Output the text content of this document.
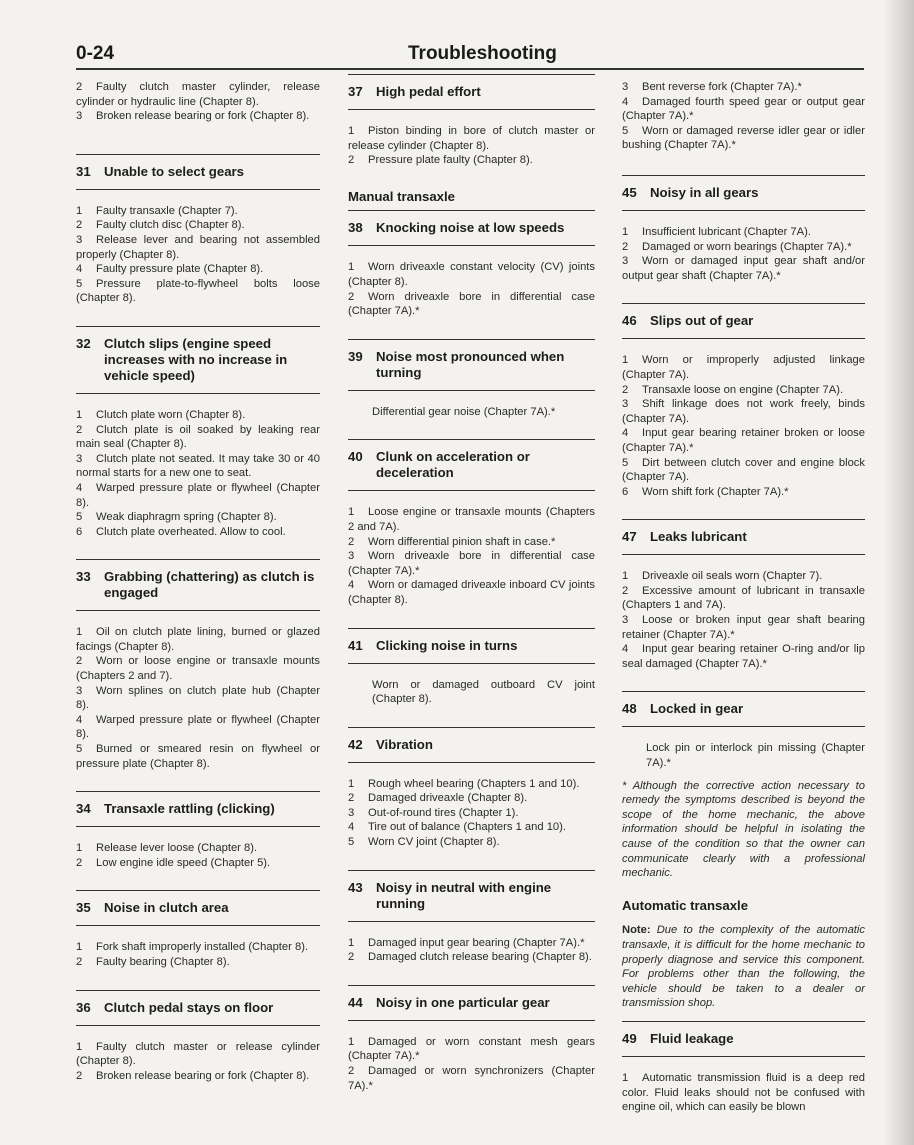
0-24	Troubleshooting

2 Faulty clutch master cylinder, release cylinder or hydraulic line (Chapter 8).

3 Broken release bearing or fork (Chapter 8).

31	Unable to select gears

1 Faulty transaxle (Chapter 7).

2 Faulty clutch disc (Chapter 8).

3 Release lever and bearing not assembled properly (Chapter 8).

4 Faulty pressure plate (Chapter 8).

5 Pressure plate-to-flywheel bolts loose (Chapter 8).

32	Clutch slips (engine speed increases with no increase in vehicle speed)

1 Clutch plate worn (Chapter 8).

2 Clutch plate is oil soaked by leaking rear main seal (Chapter 8).

3 Clutch plate not seated. It may take 30 or 40 normal starts for a new one to seat.

4 Warped pressure plate or flywheel (Chapter 8).

5 Weak diaphragm spring (Chapter 8).

6 Clutch plate overheated. Allow to cool.

33	Grabbing (chattering) as clutch is engaged

1 Oil on clutch plate lining, burned or glazed facings (Chapter 8).

2 Worn or loose engine or transaxle mounts (Chapters 2 and 7).

3 Worn splines on clutch plate hub (Chapter 8).

4 Warped pressure plate or flywheel (Chapter 8).

5 Burned or smeared resin on flywheel or pressure plate (Chapter 8).

34	Transaxle rattling (clicking)

1 Release lever loose (Chapter 8).

2 Low engine idle speed (Chapter 5).

35	Noise in clutch area

1 Fork shaft improperly installed (Chapter 8).

2 Faulty bearing (Chapter 8).

36	Clutch pedal stays on floor

1 Faulty clutch master or release cylinder (Chapter 8).

2 Broken release bearing or fork (Chapter 8).

37	High pedal effort

1 Piston binding in bore of clutch master or release cylinder (Chapter 8).

2 Pressure plate faulty (Chapter 8).

Manual transaxle
38	Knocking noise at low speeds

1 Worn driveaxle constant velocity (CV) joints (Chapter 8).

2 Worn driveaxle bore in differential case (Chapter 7A).*

39	Noise most pronounced when turning

Differential gear noise (Chapter 7A).*

40	Clunk on acceleration or deceleration

1 Loose engine or transaxle mounts (Chapters 2 and 7A).

2 Worn differential pinion shaft in case.*

3 Worn driveaxle bore in differential case (Chapter 7A).*

4 Worn or damaged driveaxle inboard CV joints (Chapter 8).

41	Clicking noise in turns

Worn or damaged outboard CV joint (Chapter 8).

42	Vibration

1 Rough wheel bearing (Chapters 1 and 10).

2 Damaged driveaxle (Chapter 8).

3 Out-of-round tires (Chapter 1).

4 Tire out of balance (Chapters 1 and 10).

5 Worn CV joint (Chapter 8).

43	Noisy in neutral with engine running

1 Damaged input gear bearing (Chapter 7A).*

2 Damaged clutch release bearing (Chapter 8).

44	Noisy in one particular gear

1 Damaged or worn constant mesh gears (Chapter 7A).*

2 Damaged or worn synchronizers (Chapter 7A).*

3 Bent reverse fork (Chapter 7A).*

4 Damaged fourth speed gear or output gear (Chapter 7A).*

5 Worn or damaged reverse idler gear or idler bushing (Chapter 7A).*

45	Noisy in all gears

1 Insufficient lubricant (Chapter 7A).

2 Damaged or worn bearings (Chapter 7A).*

3 Worn or damaged input gear shaft and/or output gear shaft (Chapter 7A).*

46	Slips out of gear

1 Worn or improperly adjusted linkage (Chapter 7A).

2 Transaxle loose on engine (Chapter 7A).

3 Shift linkage does not work freely, binds (Chapter 7A).

4 Input gear bearing retainer broken or loose (Chapter 7A).*

5 Dirt between clutch cover and engine block (Chapter 7A).

6 Worn shift fork (Chapter 7A).*

47	Leaks lubricant

1 Driveaxle oil seals worn (Chapter 7).

2 Excessive amount of lubricant in transaxle (Chapters 1 and 7A).

3 Loose or broken input gear shaft bearing retainer (Chapter 7A).*

4 Input gear bearing retainer O-ring and/or lip seal damaged (Chapter 7A).*

48	Locked in gear

Lock pin or interlock pin missing (Chapter 7A).*

* Although the corrective action necessary to remedy the symptoms described is beyond the scope of the home mechanic, the above information should be helpful in isolating the cause of the condition so that the owner can communicate clearly with a professional mechanic.

Automatic transaxle

Note: Due to the complexity of the automatic transaxle, it is difficult for the home mechanic to properly diagnose and service this component. For problems other than the following, the vehicle should be taken to a dealer or transmission shop.

49	Fluid leakage

1 Automatic transmission fluid is a deep red color. Fluid leaks should not be confused with engine oil, which can easily be blown
